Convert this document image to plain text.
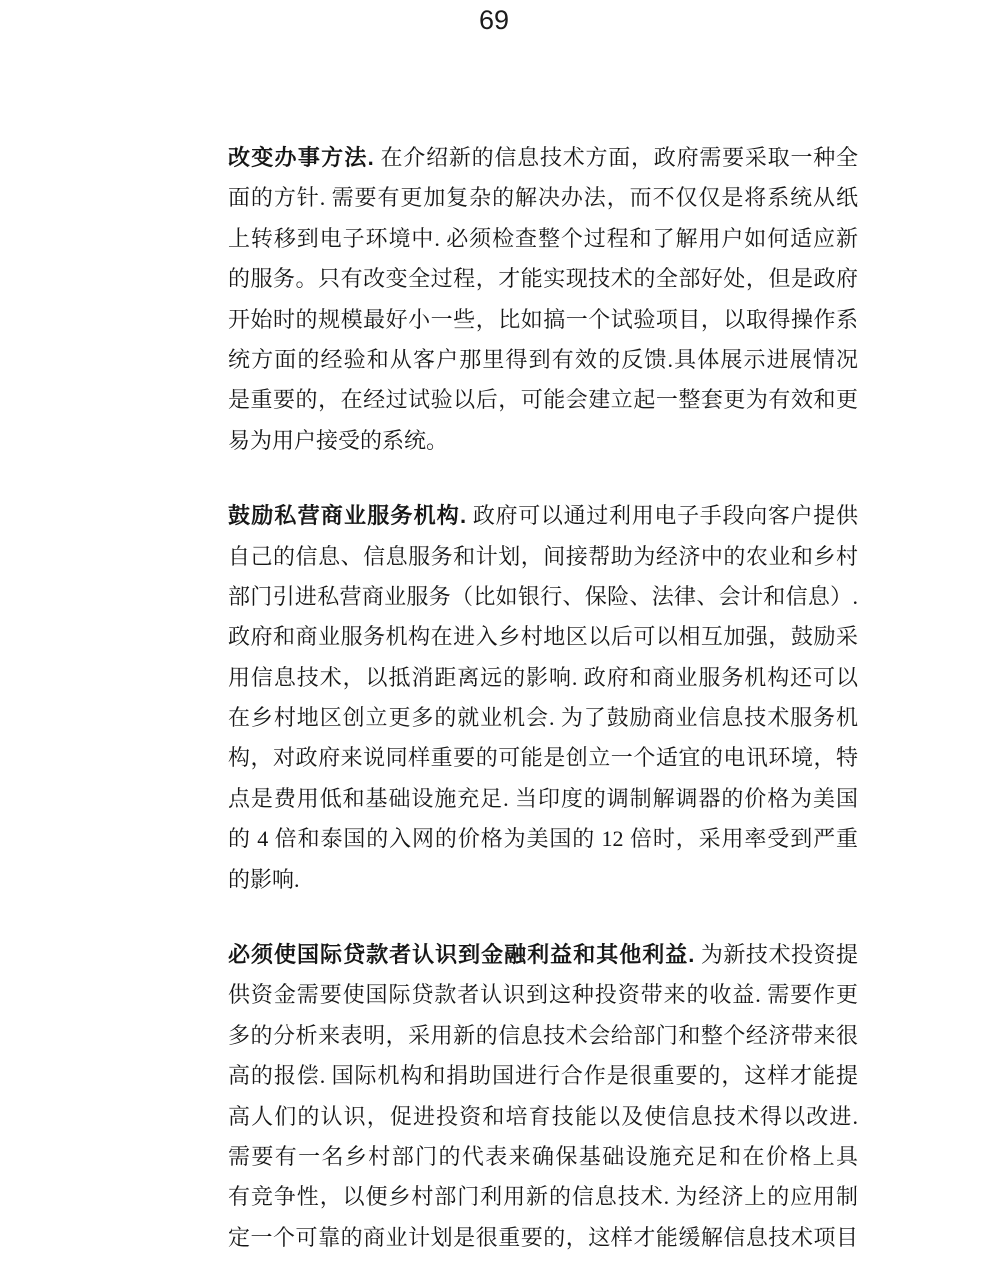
69
改变办事方法. 在介绍新的信息技术方面，政府需要采取一种全
面的方针. 需要有更加复杂的解决办法，而不仅仅是将系统从纸
上转移到电子环境中. 必须检查整个过程和了解用户如何适应新
的服务。只有改变全过程，才能实现技术的全部好处，但是政府
开始时的规模最好小一些，比如搞一个试验项目，以取得操作系
统方面的经验和从客户那里得到有效的反馈.具体展示进展情况
是重要的，在经过试验以后，可能会建立起一整套更为有效和更
易为用户接受的系统。
鼓励私营商业服务机构. 政府可以通过利用电子手段向客户提供
自己的信息、信息服务和计划，间接帮助为经济中的农业和乡村
部门引进私营商业服务（比如银行、保险、法律、会计和信息）.
政府和商业服务机构在进入乡村地区以后可以相互加强，鼓励采
用信息技术，以抵消距离远的影响. 政府和商业服务机构还可以
在乡村地区创立更多的就业机会. 为了鼓励商业信息技术服务机
构，对政府来说同样重要的可能是创立一个适宜的电讯环境，特
点是费用低和基础设施充足. 当印度的调制解调器的价格为美国
的 4 倍和泰国的入网的价格为美国的 12 倍时，采用率受到严重
的影响.
必须使国际贷款者认识到金融利益和其他利益. 为新技术投资提
供资金需要使国际贷款者认识到这种投资带来的收益. 需要作更
多的分析来表明，采用新的信息技术会给部门和整个经济带来很
高的报偿. 国际机构和捐助国进行合作是很重要的，这样才能提
高人们的认识，促进投资和培育技能以及使信息技术得以改进.
需要有一名乡村部门的代表来确保基础设施充足和在价格上具
有竞争性，以便乡村部门利用新的信息技术. 为经济上的应用制
定一个可靠的商业计划是很重要的，这样才能缓解信息技术项目
